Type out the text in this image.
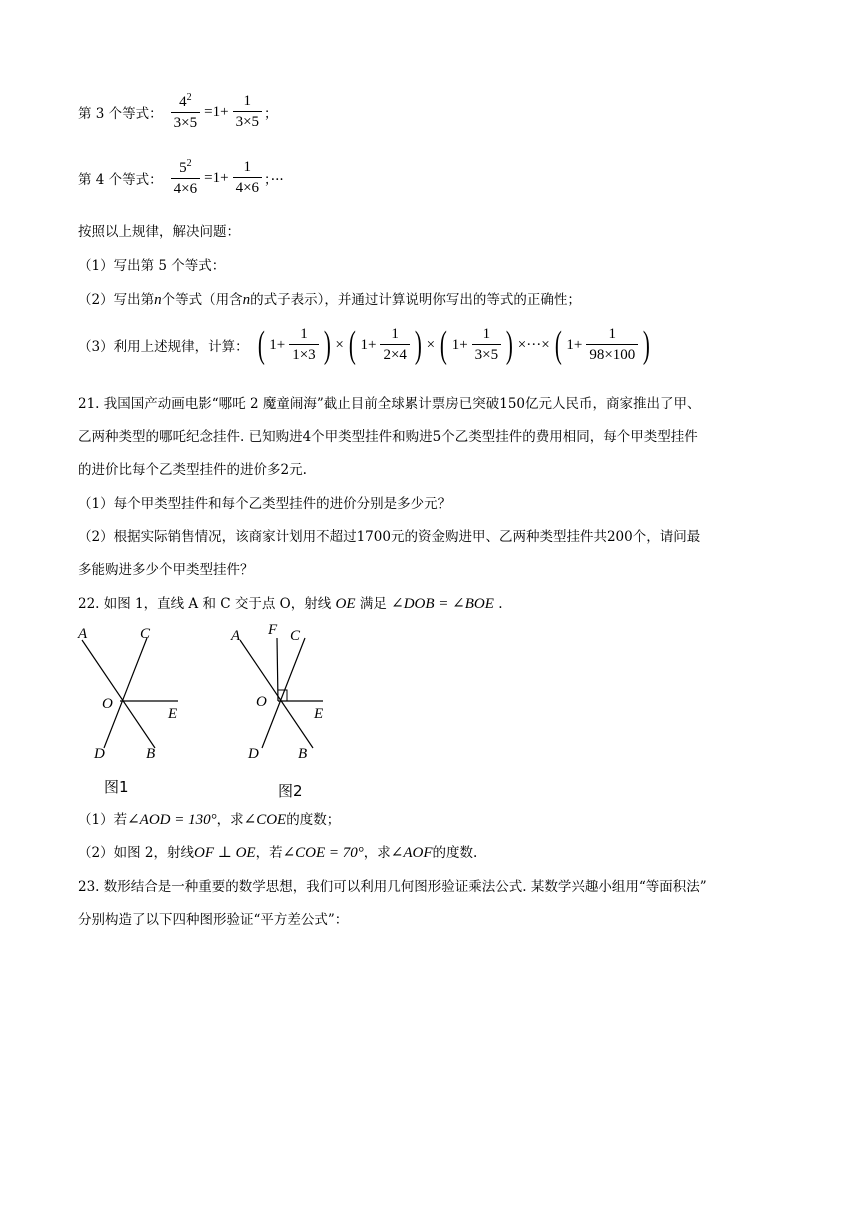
第 3 个等式： $\frac{4^2}{3\times 5} =1+ \frac{1}{3\times 5}$ ；
第 4 个等式： $\frac{5^2}{4\times 6} =1+ \frac{1}{4\times 6}$ ；···
按照以上规律，解决问题：
（1）写出第 5 个等式：
（2）写出第n个等式（用含n的式子表示），并通过计算说明你写出的等式的正确性；
（3）利用上述规律，计算： ( $1+ \frac{1}{1\times 3}$ ) × ( $1+ \frac{1}{2\times 4}$ ) × ( $1+ \frac{1}{3\times 5}$ ) ×···× ( $1+ \frac{1}{98\times 100}$ )
21. 我国国产动画电影“哪吒 2 魔童闹海”截止目前全球累计票房已突破150亿元人民币，商家推出了甲、
乙两种类型的哪吒纪念挂件. 已知购进4个甲类型挂件和购进5个乙类型挂件的费用相同，每个甲类型挂件
的进价比每个乙类型挂件的进价多2元.
（1）每个甲类型挂件和每个乙类型挂件的进价分别是多少元？
（2）根据实际销售情况，该商家计划用不超过1700元的资金购进甲、乙两种类型挂件共200个，请问最
多能购进多少个甲类型挂件？
22. 如图 1，直线 A 和 C 交于点 O，射线 OE 满足 ∠DOB = ∠BOE .
A	C
O
E
D	B
图1
A F C
O
E
D	B
图2
（1）若∠AOD = 130°，求∠COE的度数；
（2）如图 2，射线OF ⊥ OE，若∠COE = 70°，求∠AOF的度数.
23. 数形结合是一种重要的数学思想，我们可以利用几何图形验证乘法公式. 某数学兴趣小组用“等面积法”
分别构造了以下四种图形验证“平方差公式”：
